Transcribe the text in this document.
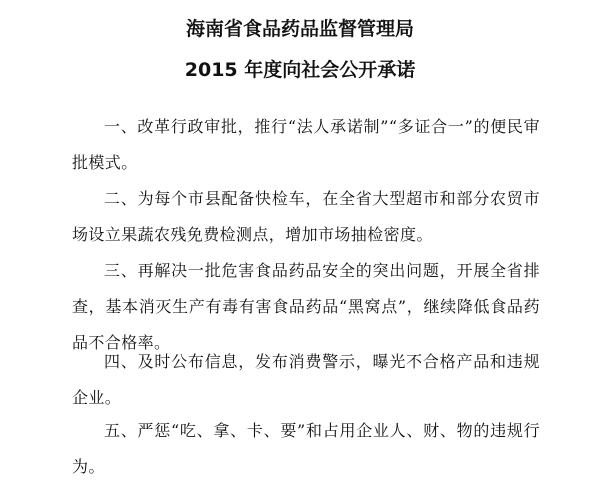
海南省食品药品监督管理局
2015 年度向社会公开承诺

一、改革行政审批，推行“法人承诺制”“多证合一”的便民审批模式。

二、为每个市县配备快检车，在全省大型超市和部分农贸市场设立果蔬农残免费检测点，增加市场抽检密度。

三、再解决一批危害食品药品安全的突出问题，开展全省排查，基本消灭生产有毒有害食品药品“黑窝点”，继续降低食品药品不合格率。

四、及时公布信息，发布消费警示，曝光不合格产品和违规企业。

五、严惩“吃、拿、卡、要”和占用企业人、财、物的违规行为。
